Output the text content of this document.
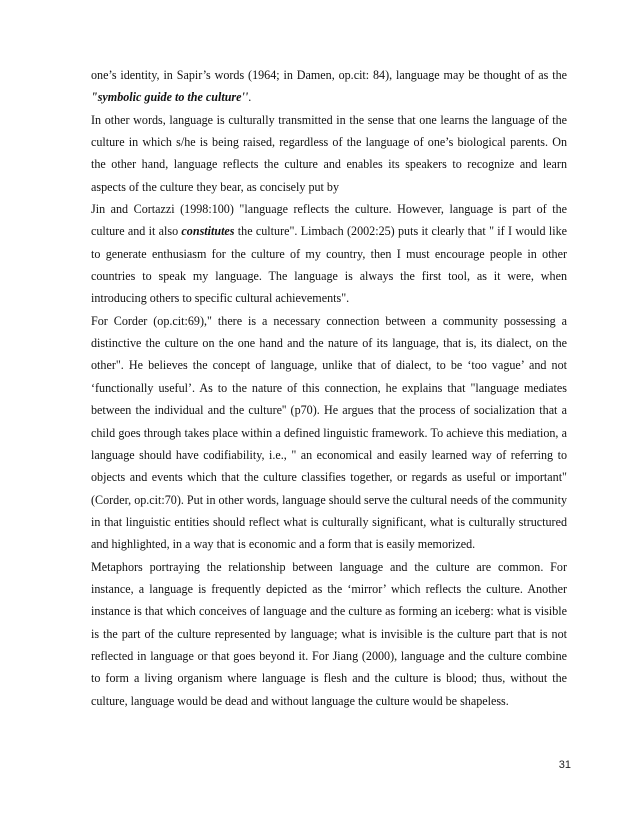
one’s identity, in Sapir’s words (1964; in Damen, op.cit: 84), language may be thought of as the "symbolic guide to the culture''.

In other words, language is culturally transmitted in the sense that one learns the language of the culture in which s/he is being raised, regardless of the language of one’s biological parents. On the other hand, language reflects the culture and enables its speakers to recognize and learn aspects of the culture they bear, as concisely put by

Jin and Cortazzi (1998:100) "language reflects the culture. However, language is part of the culture and it also constitutes the culture". Limbach (2002:25) puts it clearly that " if I would like to generate enthusiasm for the culture of my country, then I must encourage people in other countries to speak my language. The language is always the first tool, as it were, when introducing others to specific cultural achievements".

For Corder (op.cit:69)," there is a necessary connection between a community possessing a distinctive the culture on the one hand and the nature of its language, that is, its dialect, on the other". He believes the concept of language, unlike that of dialect, to be ‘too vague’ and not ‘functionally useful’. As to the nature of this connection, he explains that "language mediates between the individual and the culture'' (p70). He argues that the process of socialization that a child goes through takes place within a defined linguistic framework. To achieve this mediation, a language should have codifiability, i.e., " an economical and easily learned way of referring to objects and events which that the culture classifies together, or regards as useful or important" (Corder, op.cit:70). Put in other words, language should serve the cultural needs of the community in that linguistic entities should reflect what is culturally significant, what is culturally structured and highlighted, in a way that is economic and a form that is easily memorized.

Metaphors portraying the relationship between language and the culture are common. For instance, a language is frequently depicted as the ‘mirror’ which reflects the culture. Another instance is that which conceives of language and the culture as forming an iceberg: what is visible is the part of the culture represented by language; what is invisible is the culture part that is not reflected in language or that goes beyond it. For Jiang (2000), language and the culture combine to form a living organism where language is flesh and the culture is blood; thus, without the culture, language would be dead and without language the culture would be shapeless.

31
